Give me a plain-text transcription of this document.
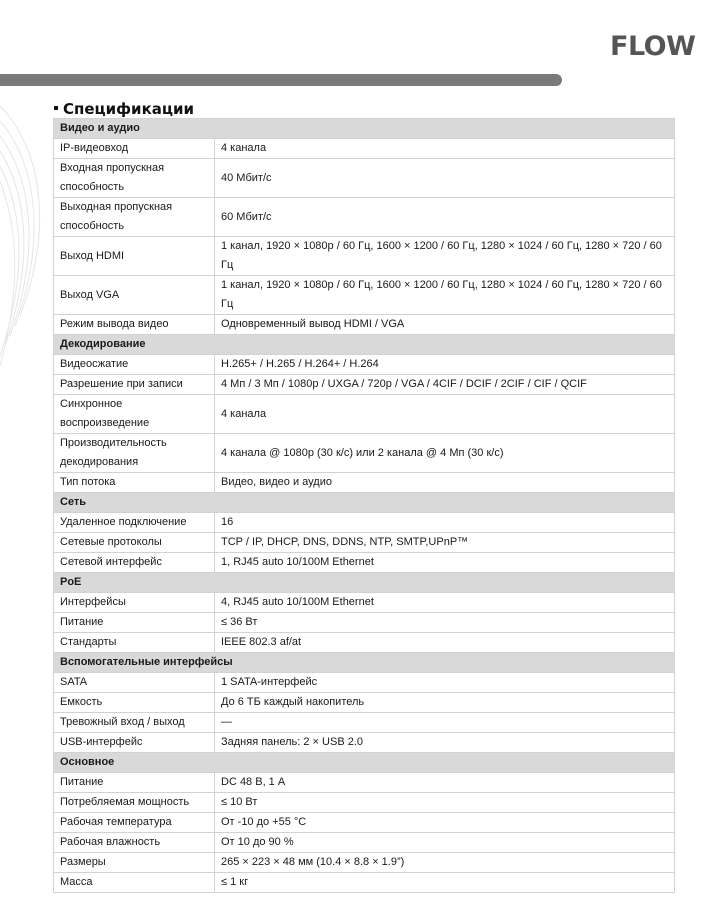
FLOW
Спецификации
Видео и аудио	
IP-видеовход	4 канала
Входная пропускная способность	40 Мбит/с
Выходная пропускная способность	60 Мбит/с
Выход HDMI	1 канал, 1920 × 1080p / 60 Гц, 1600 × 1200 / 60 Гц, 1280 × 1024 / 60 Гц, 1280 × 720 / 60 Гц
Выход VGA	1 канал, 1920 × 1080p / 60 Гц, 1600 × 1200 / 60 Гц, 1280 × 1024 / 60 Гц, 1280 × 720 / 60 Гц
Режим вывода видео	Одновременный вывод HDMI / VGA
Декодирование	
Видеосжатие	H.265+ / H.265 / H.264+ / H.264
Разрешение при записи	4 Мп / 3 Мп / 1080p / UXGA / 720p / VGA / 4CIF / DCIF / 2CIF / CIF / QCIF
Синхронное воспроизведение	4 канала
Производительность декодирования	4 канала @ 1080p (30 к/с) или 2 канала @ 4 Мп (30 к/с)
Тип потока	Видео, видео и аудио
Сеть	
Удаленное подключение	16
Сетевые протоколы	TCP / IP, DHCP, DNS, DDNS, NTP, SMTP,UPnP™
Сетевой интерфейс	1, RJ45 auto 10/100M Ethernet
PoE	
Интерфейсы	4, RJ45 auto 10/100M Ethernet
Питание	≤ 36 Вт
Стандарты	IEEE 802.3 af/at
Вспомогательные интерфейсы	
SATA	1 SATA-интерфейс
Емкость	До 6 ТБ каждый накопитель
Тревожный вход / выход	—
USB-интерфейс	Задняя панель: 2 × USB 2.0
Основное	
Питание	DC 48 В, 1 А
Потребляемая мощность	≤ 10 Вт
Рабочая температура	От -10 до +55 °C
Рабочая влажность	От 10 до 90 %
Размеры	265 × 223 × 48 мм (10.4 × 8.8 × 1.9”)
Масса	≤ 1 кг
